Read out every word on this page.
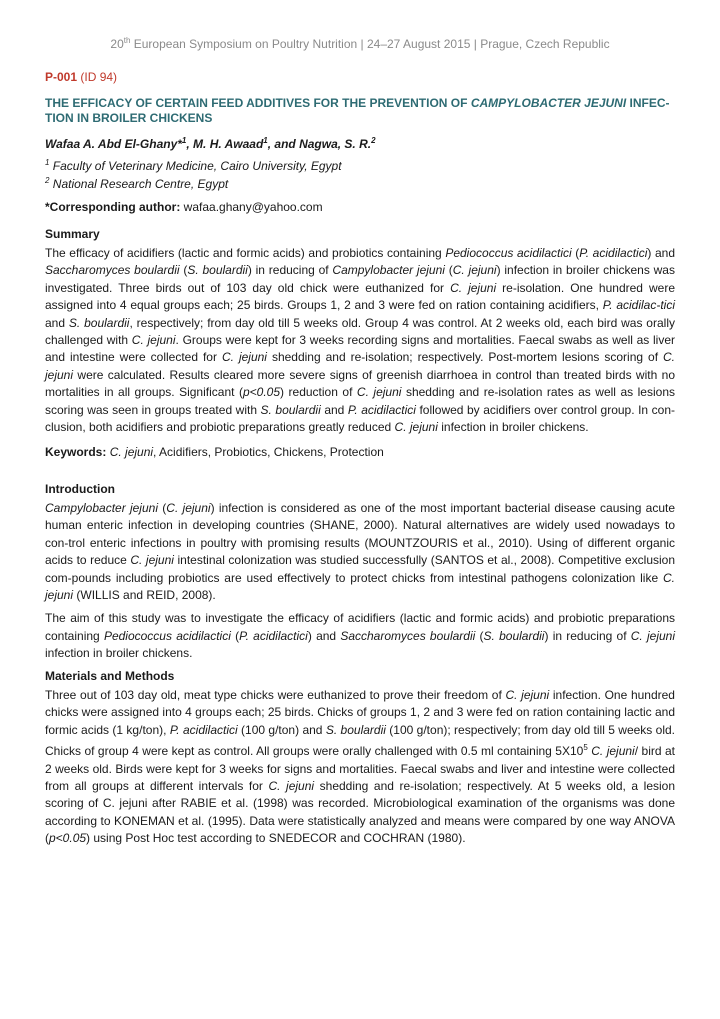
20th European Symposium on Poultry Nutrition | 24–27 August 2015 | Prague, Czech Republic
P-001 (ID 94)
THE EFFICACY OF CERTAIN FEED ADDITIVES FOR THE PREVENTION OF CAMPYLOBACTER JEJUNI INFEC-TION IN BROILER CHICKENS
Wafaa A. Abd El-Ghany*$^1$, M. H. Awaad$^1$, and Nagwa, S. R.$^2$
$^1$ Faculty of Veterinary Medicine, Cairo University, Egypt
$^2$ National Research Centre, Egypt
*Corresponding author: wafaa.ghany@yahoo.com
Summary

The efficacy of acidifiers (lactic and formic acids) and probiotics containing Pediococcus acidilactici (P. acidilactici) and Saccharomyces boulardii (S. boulardii) in reducing of Campylobacter jejuni (C. jejuni) infection in broiler chickens was investigated. Three birds out of 103 day old chick were euthanized for C. jejuni re-isolation. One hundred were assigned into 4 equal groups each; 25 birds. Groups 1, 2 and 3 were fed on ration containing acidifiers, P. acidilac-tici and S. boulardii, respectively; from day old till 5 weeks old. Group 4 was control. At 2 weeks old, each bird was orally challenged with C. jejuni. Groups were kept for 3 weeks recording signs and mortalities. Faecal swabs as well as liver and intestine were collected for C. jejuni shedding and re-isolation; respectively. Post-mortem lesions scoring of C. jejuni were calculated. Results cleared more severe signs of greenish diarrhoea in control than treated birds with no mortalities in all groups. Significant (p<0.05) reduction of C. jejuni shedding and re-isolation rates as well as lesions scoring was seen in groups treated with S. boulardii and P. acidilactici followed by acidifiers over control group. In con-clusion, both acidifiers and probiotic preparations greatly reduced C. jejuni infection in broiler chickens.

Keywords: C. jejuni, Acidifiers, Probiotics, Chickens, Protection

Introduction

Campylobacter jejuni (C. jejuni) infection is considered as one of the most important bacterial disease causing acute human enteric infection in developing countries (SHANE, 2000). Natural alternatives are widely used nowadays to con-trol enteric infections in poultry with promising results (MOUNTZOURIS et al., 2010). Using of different organic acids to reduce C. jejuni intestinal colonization was studied successfully (SANTOS et al., 2008). Competitive exclusion com-pounds including probiotics are used effectively to protect chicks from intestinal pathogens colonization like C. jejuni (WILLIS and REID, 2008).

The aim of this study was to investigate the efficacy of acidifiers (lactic and formic acids) and probiotic preparations containing Pediococcus acidilactici (P. acidilactici) and Saccharomyces boulardii (S. boulardii) in reducing of C. jejuni infection in broiler chickens.

Materials and Methods

Three out of 103 day old, meat type chicks were euthanized to prove their freedom of C. jejuni infection. One hundred chicks were assigned into 4 groups each; 25 birds. Chicks of groups 1, 2 and 3 were fed on ration containing lactic and formic acids (1 kg/ton), P. acidilactici (100 g/ton) and S. boulardii (100 g/ton); respectively; from day old till 5 weeks old. Chicks of group 4 were kept as control. All groups were orally challenged with 0.5 ml containing $5X10^5$ C. jejuni/ bird at 2 weeks old. Birds were kept for 3 weeks for signs and mortalities. Faecal swabs and liver and intestine were collected from all groups at different intervals for C. jejuni shedding and re-isolation; respectively. At 5 weeks old, a lesion scoring of C. jejuni after RABIE et al. (1998) was recorded. Microbiological examination of the organisms was done according to KONEMAN et al. (1995). Data were statistically analyzed and means were compared by one way ANOVA (p<0.05) using Post Hoc test according to SNEDECOR and COCHRAN (1980).
